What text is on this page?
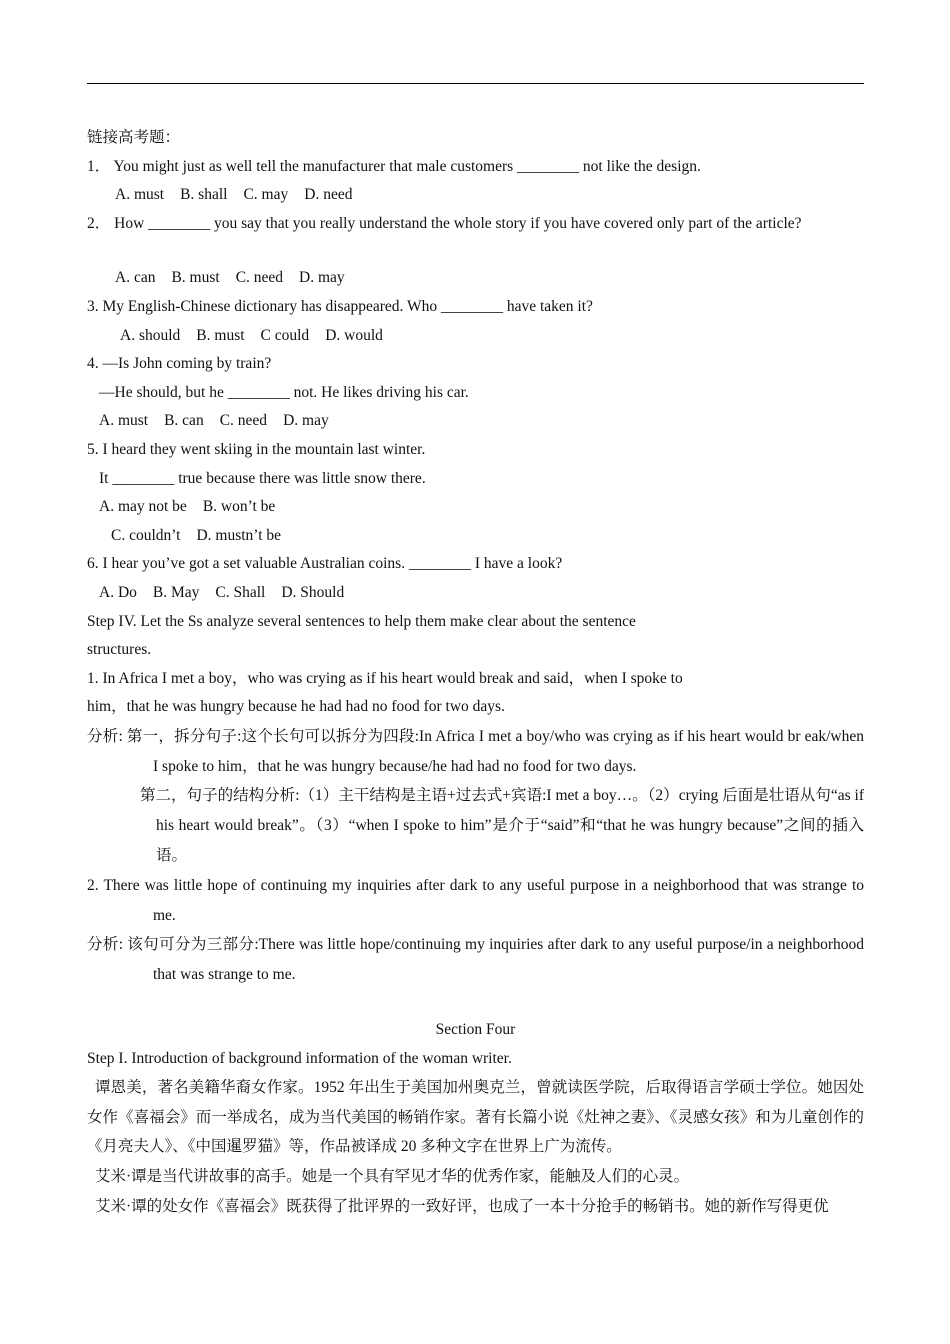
链接高考题：
1． You might just as well tell the manufacturer that male customers ________ not like the design.
A. must B. shall C. may D. need
2． How ________ you say that you really understand the whole story if you have covered only part of the article?
A. can B. must C. need D. may
3. My English-Chinese dictionary has disappeared. Who ________ have taken it?
A. should B. must C could D. would
4. —Is John coming by train?
—He should, but he ________ not. He likes driving his car.
A. must B. can C. need D. may
5. I heard they went skiing in the mountain last winter.
It ________ true because there was little snow there.
A. may not be B. won’t be
C. couldn’t D. mustn’t be
6. I hear you’ve got a set valuable Australian coins. ________ I have a look?
A. Do B. May C. Shall D. Should
Step IV. Let the Ss analyze several sentences to help them make clear about the sentence
structures.
1. In Africa I met a boy，who was crying as if his heart would break and said，when I spoke to
him，that he was hungry because he had had no food for two days.
分析: 第一，拆分句子:这个长句可以拆分为四段:In Africa I met a boy/who was crying as if his heart would br eak/when I spoke to him，that he was hungry because/he had had no food for two days.
第二，句子的结构分析:（1）主干结构是主语+过去式+宾语:I met a boy…。（2）crying 后面是壮语从句“as if his heart would break”。（3）“when I spoke to him”是介于“said”和“that he was hungry because”之间的插入语。
2. There was little hope of continuing my inquiries after dark to any useful purpose in a neighborhood that was strange to me.
分析: 该句可分为三部分:There was little hope/continuing my inquiries after dark to any useful purpose/in a neighborhood that was strange to me.
Section Four
Step I. Introduction of background information of the woman writer.
谭恩美，著名美籍华裔女作家。1952 年出生于美国加州奥克兰，曾就读医学院，后取得语言学硕士学位。她因处女作《喜福会》而一举成名，成为当代美国的畅销作家。著有长篇小说《灶神之妻》、《灵感女孩》和为儿童创作的《月亮夫人》、《中国暹罗猫》等，作品被译成 20 多种文字在世界上广为流传。
艾米·谭是当代讲故事的高手。她是一个具有罕见才华的优秀作家，能触及人们的心灵。
艾米·谭的处女作《喜福会》既获得了批评界的一致好评，也成了一本十分抢手的畅销书。她的新作写得更优
